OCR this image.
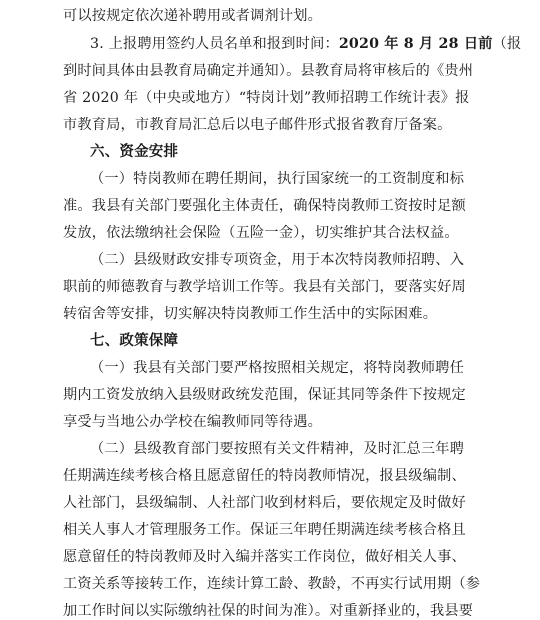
可以按规定依次递补聘用或者调剂计划。
3. 上报聘用签约人员名单和报到时间：2020 年 8 月 28 日前（报
到时间具体由县教育局确定并通知）。县教育局将审核后的《贵州
省 2020 年（中央或地方）“特岗计划”教师招聘工作统计表》报
市教育局，市教育局汇总后以电子邮件形式报省教育厅备案。
六、资金安排
（一）特岗教师在聘任期间，执行国家统一的工资制度和标
准。我县有关部门要强化主体责任，确保特岗教师工资按时足额
发放，依法缴纳社会保险（五险一金），切实维护其合法权益。
（二）县级财政安排专项资金，用于本次特岗教师招聘、入
职前的师德教育与教学培训工作等。我县有关部门，要落实好周
转宿舍等安排，切实解决特岗教师工作生活中的实际困难。
七、政策保障
（一）我县有关部门要严格按照相关规定，将特岗教师聘任
期内工资发放纳入县级财政统发范围，保证其同等条件下按规定
享受与当地公办学校在编教师同等待遇。
（二）县级教育部门要按照有关文件精神，及时汇总三年聘
任期满连续考核合格且愿意留任的特岗教师情况，报县级编制、
人社部门，县级编制、人社部门收到材料后，要依规定及时做好
相关人事人才管理服务工作。保证三年聘任期满连续考核合格且
愿意留任的特岗教师及时入编并落实工作岗位，做好相关人事、
工资关系等接转工作，连续计算工龄、教龄，不再实行试用期（参
加工作时间以实际缴纳社保的时间为准）。对重新择业的，我县要
